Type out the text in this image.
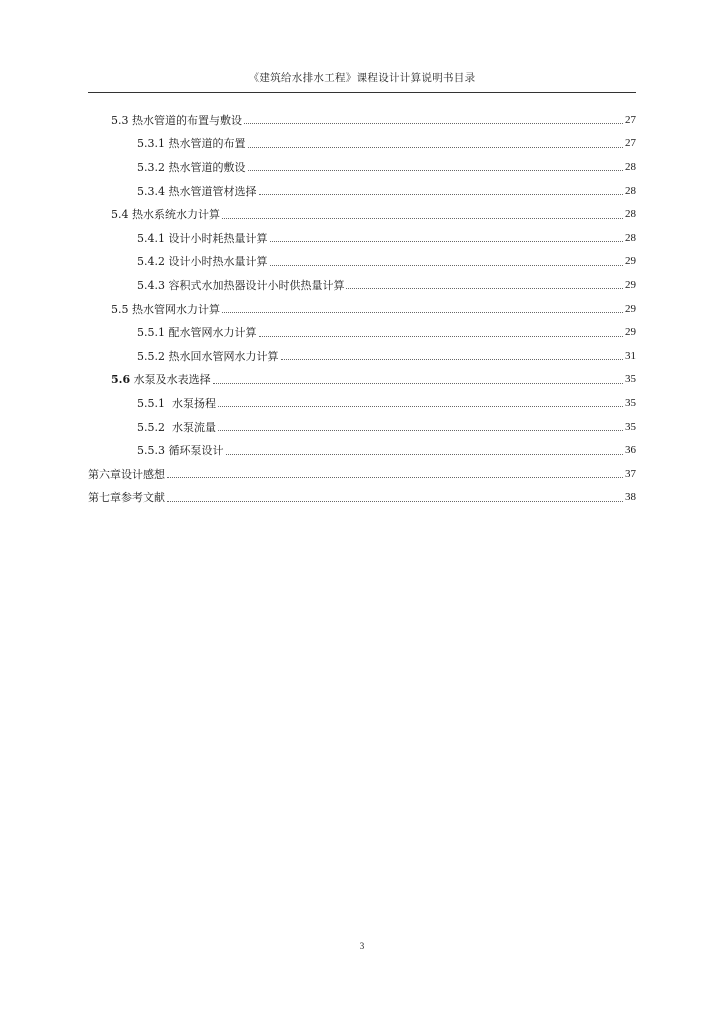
《建筑给水排水工程》课程设计计算说明书目录
5.3 热水管道的布置与敷设	27
5.3.1 热水管道的布置	27
5.3.2 热水管道的敷设	28
5.3.4 热水管道管材选择	28
5.4 热水系统水力计算	28
5.4.1 设计小时耗热量计算	28
5.4.2 设计小时热水量计算	29
5.4.3 容积式水加热器设计小时供热量计算	29
5.5 热水管网水力计算	29
5.5.1 配水管网水力计算	29
5.5.2 热水回水管网水力计算	31
5.6 水泵及水表选择	35
5.5.1  水泵扬程	35
5.5.2  水泵流量	35
5.5.3 循环泵设计	36
第六章设计感想	37
第七章参考文献	38
3
